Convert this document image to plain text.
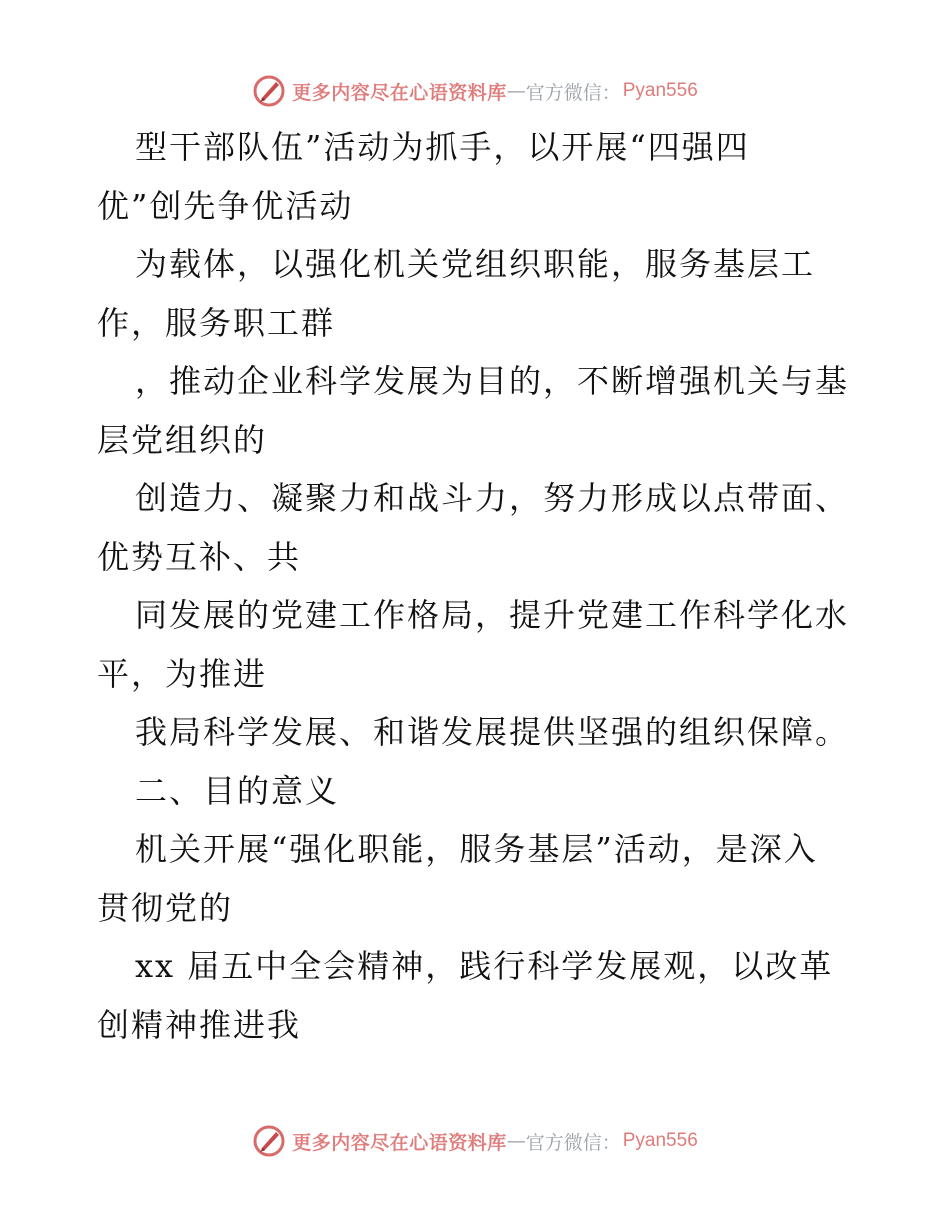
更多内容尽在心语资料库 — 官方微信： Pyan556
型干部队伍”活动为抓手，以开展“四强四
优”创先争优活动
为载体，以强化机关党组织职能，服务基层工
作，服务职工群
，推动企业科学发展为目的，不断增强机关与基
层党组织的
创造力、凝聚力和战斗力，努力形成以点带面、
优势互补、共
同发展的党建工作格局，提升党建工作科学化水
平，为推进
我局科学发展、和谐发展提供坚强的组织保障。
二、目的意义
机关开展“强化职能，服务基层”活动，是深入
贯彻党的
xx 届五中全会精神，践行科学发展观，以改革
创精神推进我
更多内容尽在心语资料库 — 官方微信： Pyan556
